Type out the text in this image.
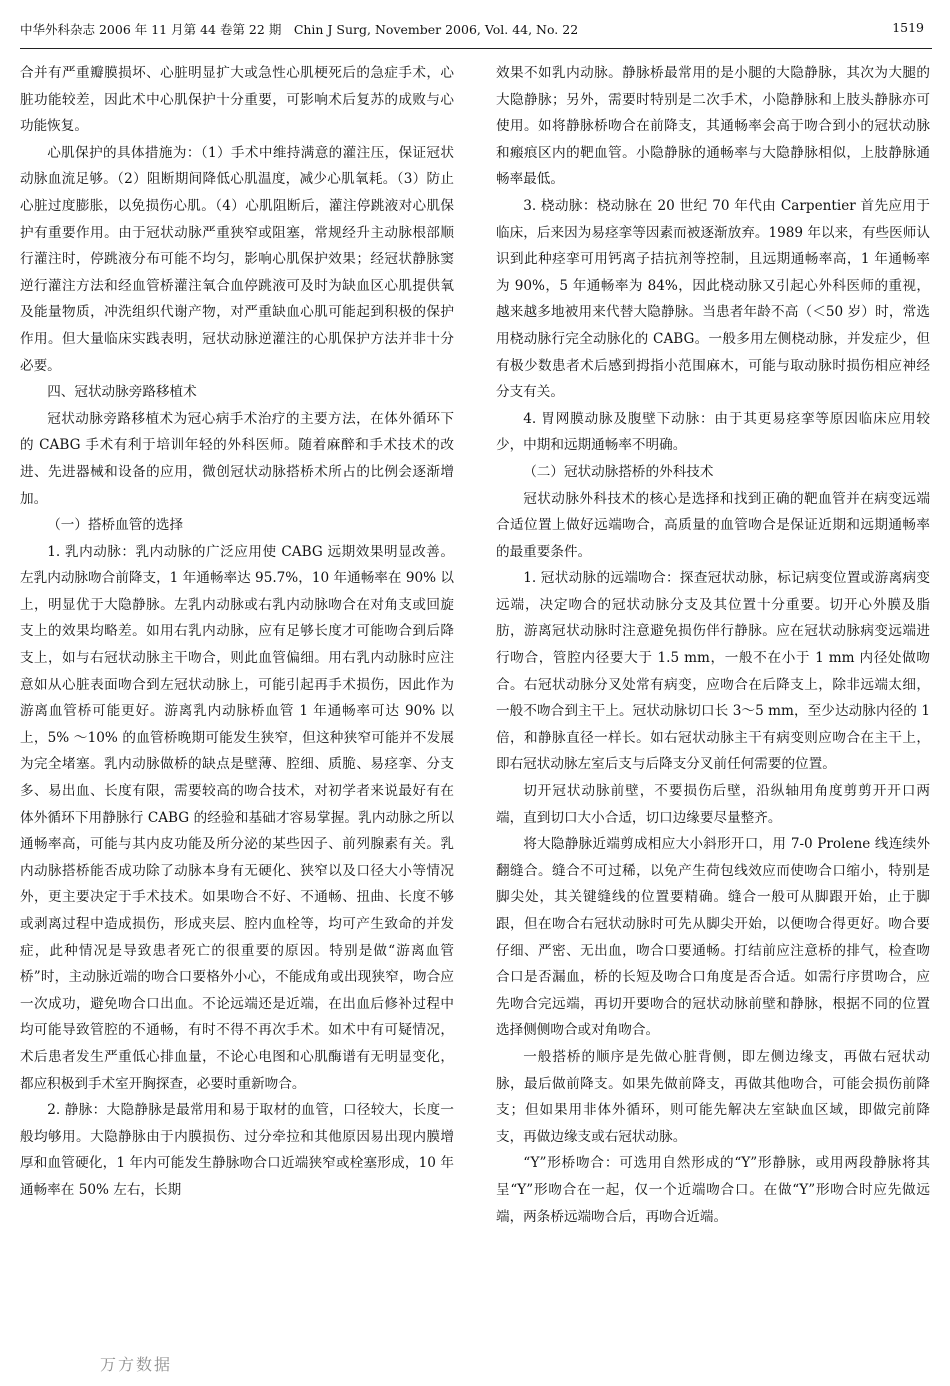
中华外科杂志 2006 年 11 月第 44 卷第 22 期　Chin J Surg, November 2006, Vol. 44, No. 22	1519

合并有严重瓣膜损坏、心脏明显扩大或急性心肌梗死后的急症手术，心脏功能较差，因此术中心肌保护十分重要，可影响术后复苏的成败与心功能恢复。

心肌保护的具体措施为：（1）手术中维持满意的灌注压，保证冠状动脉血流足够。（2）阻断期间降低心肌温度，减少心肌氧耗。（3）防止心脏过度膨胀，以免损伤心肌。（4）心肌阻断后，灌注停跳液对心肌保护有重要作用。由于冠状动脉严重狭窄或阻塞，常规经升主动脉根部顺行灌注时，停跳液分布可能不均匀，影响心肌保护效果；经冠状静脉窦逆行灌注方法和经血管桥灌注氧合血停跳液可及时为缺血区心肌提供氧及能量物质，冲洗组织代谢产物，对严重缺血心肌可能起到积极的保护作用。但大量临床实践表明，冠状动脉逆灌注的心肌保护方法并非十分必要。

四、冠状动脉旁路移植术

冠状动脉旁路移植术为冠心病手术治疗的主要方法，在体外循环下的 CABG 手术有利于培训年轻的外科医师。随着麻醉和手术技术的改进、先进器械和设备的应用，微创冠状动脉搭桥术所占的比例会逐渐增加。

（一）搭桥血管的选择

1. 乳内动脉：乳内动脉的广泛应用使 CABG 远期效果明显改善。左乳内动脉吻合前降支，1 年通畅率达 95.7%，10 年通畅率在 90% 以上，明显优于大隐静脉。左乳内动脉或右乳内动脉吻合在对角支或回旋支上的效果均略差。如用右乳内动脉，应有足够长度才可能吻合到后降支上，如与右冠状动脉主干吻合，则此血管偏细。用右乳内动脉时应注意如从心脏表面吻合到左冠状动脉上，可能引起再手术损伤，因此作为游离血管桥可能更好。游离乳内动脉桥血管 1 年通畅率可达 90% 以上，5% ～10% 的血管桥晚期可能发生狭窄，但这种狭窄可能并不发展为完全堵塞。乳内动脉做桥的缺点是壁薄、腔细、质脆、易痉挛、分支多、易出血、长度有限，需要较高的吻合技术，对初学者来说最好有在体外循环下用静脉行 CABG 的经验和基础才容易掌握。乳内动脉之所以通畅率高，可能与其内皮功能及所分泌的某些因子、前列腺素有关。乳内动脉搭桥能否成功除了动脉本身有无硬化、狭窄以及口径大小等情况外，更主要决定于手术技术。如果吻合不好、不通畅、扭曲、长度不够或剥离过程中造成损伤，形成夹层、腔内血栓等，均可产生致命的并发症，此种情况是导致患者死亡的很重要的原因。特别是做“游离血管桥”时，主动脉近端的吻合口要格外小心，不能成角或出现狭窄，吻合应一次成功，避免吻合口出血。不论远端还是近端，在出血后修补过程中均可能导致管腔的不通畅，有时不得不再次手术。如术中有可疑情况，术后患者发生严重低心排血量，不论心电图和心肌酶谱有无明显变化，都应积极到手术室开胸探查，必要时重新吻合。

2. 静脉：大隐静脉是最常用和易于取材的血管，口径较大，长度一般均够用。大隐静脉由于内膜损伤、过分牵拉和其他原因易出现内膜增厚和血管硬化，1 年内可能发生静脉吻合口近端狭窄或栓塞形成，10 年通畅率在 50% 左右，长期

效果不如乳内动脉。静脉桥最常用的是小腿的大隐静脉，其次为大腿的大隐静脉；另外，需要时特别是二次手术，小隐静脉和上肢头静脉亦可使用。如将静脉桥吻合在前降支，其通畅率会高于吻合到小的冠状动脉和瘢痕区内的靶血管。小隐静脉的通畅率与大隐静脉相似，上肢静脉通畅率最低。

3. 桡动脉：桡动脉在 20 世纪 70 年代由 Carpentier 首先应用于临床，后来因为易痉挛等因素而被逐渐放弃。1989 年以来，有些医师认识到此种痉挛可用钙离子拮抗剂等控制，且远期通畅率高，1 年通畅率为 90%，5 年通畅率为 84%，因此桡动脉又引起心外科医师的重视，越来越多地被用来代替大隐静脉。当患者年龄不高（＜50 岁）时，常选用桡动脉行完全动脉化的 CABG。一般多用左侧桡动脉，并发症少，但有极少数患者术后感到拇指小范围麻木，可能与取动脉时损伤相应神经分支有关。

4. 胃网膜动脉及腹壁下动脉：由于其更易痉挛等原因临床应用较少，中期和远期通畅率不明确。

（二）冠状动脉搭桥的外科技术

冠状动脉外科技术的核心是选择和找到正确的靶血管并在病变远端合适位置上做好远端吻合，高质量的血管吻合是保证近期和远期通畅率的最重要条件。

1. 冠状动脉的远端吻合：探查冠状动脉，标记病变位置或游离病变远端，决定吻合的冠状动脉分支及其位置十分重要。切开心外膜及脂肪，游离冠状动脉时注意避免损伤伴行静脉。应在冠状动脉病变远端进行吻合，管腔内径要大于 1.5 mm，一般不在小于 1 mm 内径处做吻合。右冠状动脉分叉处常有病变，应吻合在后降支上，除非远端太细，一般不吻合到主干上。冠状动脉切口长 3～5 mm，至少达动脉内径的 1 倍，和静脉直径一样长。如右冠状动脉主干有病变则应吻合在主干上，即右冠状动脉左室后支与后降支分叉前任何需要的位置。

切开冠状动脉前壁，不要损伤后壁，沿纵轴用角度剪剪开开口两端，直到切口大小合适，切口边缘要尽量整齐。

将大隐静脉近端剪成相应大小斜形开口，用 7-0 Prolene 线连续外翻缝合。缝合不可过稀，以免产生荷包线效应而使吻合口缩小，特别是脚尖处，其关键缝线的位置要精确。缝合一般可从脚跟开始，止于脚跟，但在吻合右冠状动脉时可先从脚尖开始，以便吻合得更好。吻合要仔细、严密、无出血，吻合口要通畅。打结前应注意桥的排气，检查吻合口是否漏血，桥的长短及吻合口角度是否合适。如需行序贯吻合，应先吻合完远端，再切开要吻合的冠状动脉前壁和静脉，根据不同的位置选择侧侧吻合或对角吻合。

一般搭桥的顺序是先做心脏背侧，即左侧边缘支，再做右冠状动脉，最后做前降支。如果先做前降支，再做其他吻合，可能会损伤前降支；但如果用非体外循环，则可能先解决左室缺血区域，即做完前降支，再做边缘支或右冠状动脉。

“Y”形桥吻合：可选用自然形成的“Y”形静脉，或用两段静脉将其呈“Y”形吻合在一起，仅一个近端吻合口。在做“Y”形吻合时应先做远端，两条桥远端吻合后，再吻合近端。

万方数据
